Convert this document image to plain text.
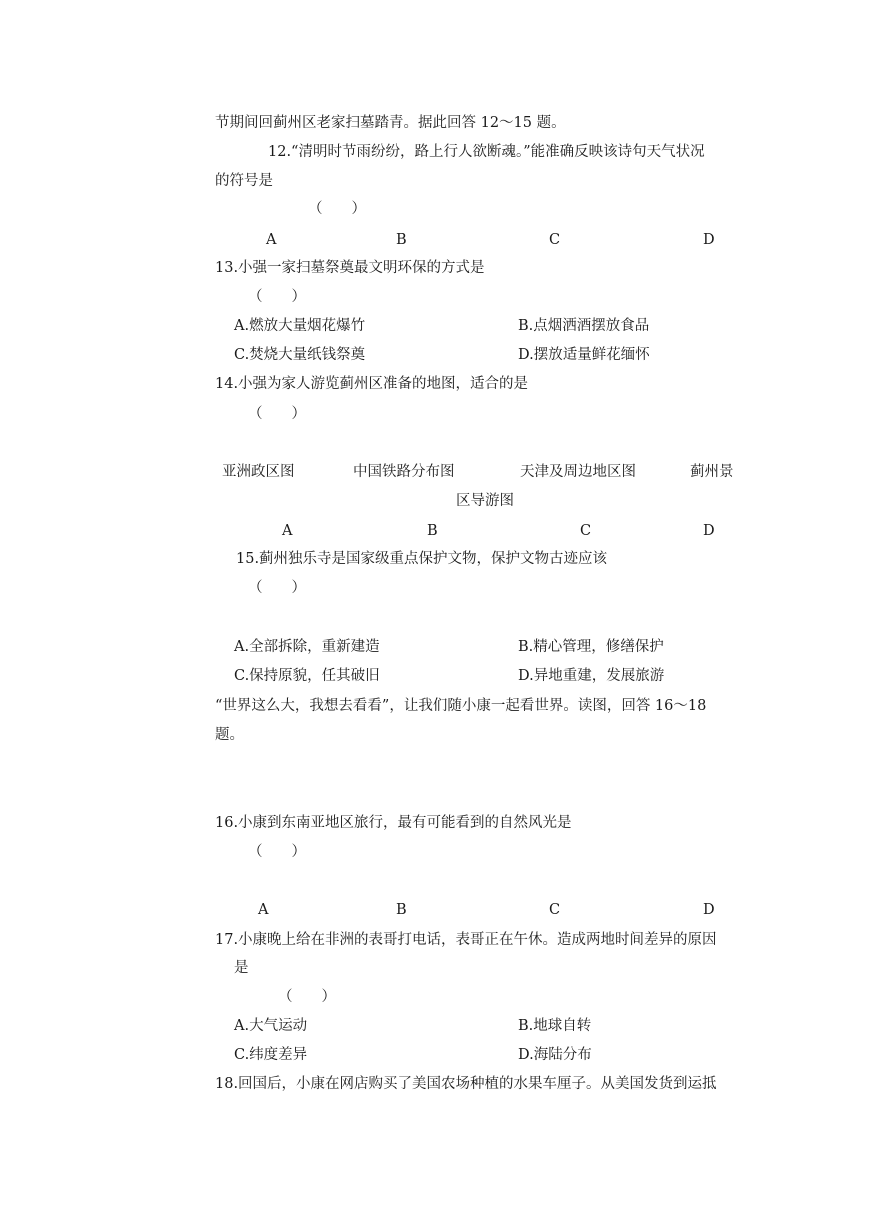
节期间回蓟州区老家扫墓踏青。据此回答 12～15 题。
12.“清明时节雨纷纷，路上行人欲断魂。”能准确反映该诗句天气状况
的符号是
（　　）
A	B	C	D
13.小强一家扫墓祭奠最文明环保的方式是
（　　）
A.燃放大量烟花爆竹	B.点烟洒酒摆放食品
C.焚烧大量纸钱祭奠	D.摆放适量鲜花缅怀
14.小强为家人游览蓟州区准备的地图，适合的是
（　　）
亚洲政区图	中国铁路分布图	天津及周边地区图	蓟州景
区导游图
A	B	C	D
15.蓟州独乐寺是国家级重点保护文物，保护文物古迹应该
（　　）
A.全部拆除，重新建造	B.精心管理，修缮保护
C.保持原貌，任其破旧	D.异地重建，发展旅游
“世界这么大，我想去看看”，让我们随小康一起看世界。读图，回答 16～18
题。
16.小康到东南亚地区旅行，最有可能看到的自然风光是
（　　）
A	B	C	D
17.小康晚上给在非洲的表哥打电话，表哥正在午休。造成两地时间差异的原因
是
（　　）
A.大气运动	B.地球自转
C.纬度差异	D.海陆分布
18.回国后，小康在网店购买了美国农场种植的水果车厘子。从美国发货到运抵
